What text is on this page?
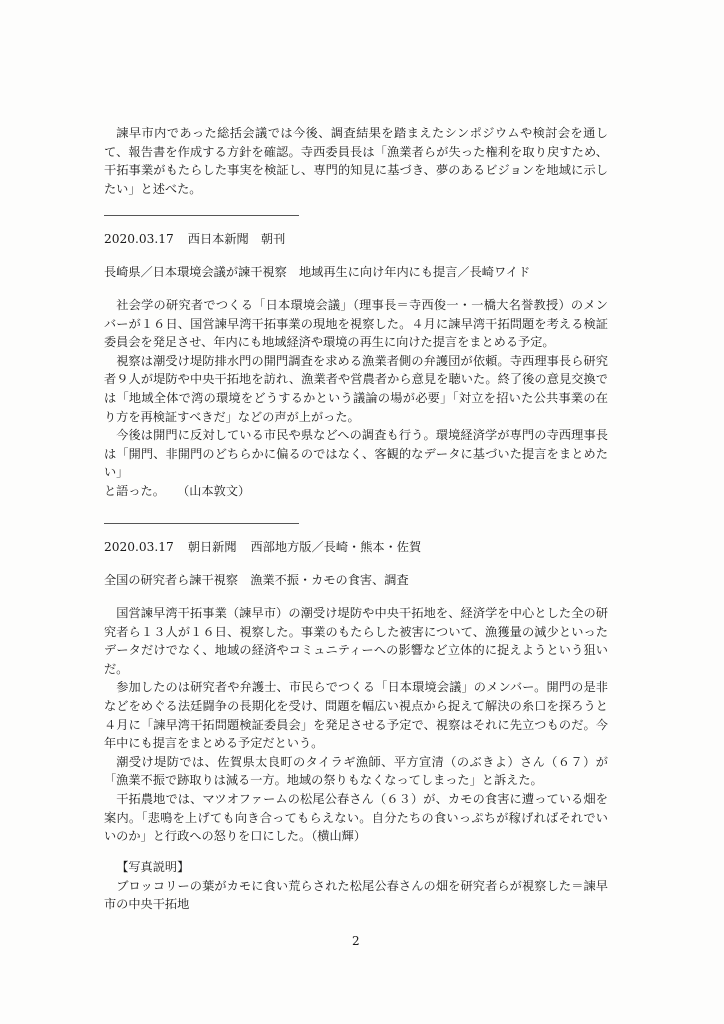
諫早市内であった総括会議では今後、調査結果を踏まえたシンポジウムや検討会を通して、報告書を作成する方針を確認。寺西委員長は「漁業者らが失った権利を取り戻すため、干拓事業がもたらした事実を検証し、専門的知見に基づき、夢のあるビジョンを地域に示したい」と述べた。

2020.03.17 西日本新聞　朝刊
長崎県／日本環境会議が諫干視察　地域再生に向け年内にも提言／長崎ワイド

社会学の研究者でつくる「日本環境会議」（理事長＝寺西俊一・一橋大名誉教授）のメンバーが１６日、国営諫早湾干拓事業の現地を視察した。４月に諫早湾干拓問題を考える検証委員会を発足させ、年内にも地域経済や環境の再生に向けた提言をまとめる予定。

視察は潮受け堤防排水門の開門調査を求める漁業者側の弁護団が依頼。寺西理事長ら研究者９人が堤防や中央干拓地を訪れ、漁業者や営農者から意見を聴いた。終了後の意見交換では「地域全体で湾の環境をどうするかという議論の場が必要」「対立を招いた公共事業の在り方を再検証すべきだ」などの声が上がった。

今後は開門に反対している市民や県などへの調査も行う。環境経済学が専門の寺西理事長は「開門、非開門のどちらかに偏るのではなく、客観的なデータに基づいた提言をまとめたい」

と語った。　　（山本敦文）

2020.03.17 朝日新聞 西部地方版／長崎・熊本・佐賀
全国の研究者ら諫干視察　漁業不振・カモの食害、調査

国営諫早湾干拓事業（諫早市）の潮受け堤防や中央干拓地を、経済学を中心とした全の研究者ら１３人が１６日、視察した。事業のもたらした被害について、漁獲量の減少といったデータだけでなく、地域の経済やコミュニティーへの影響など立体的に捉えようという狙いだ。

参加したのは研究者や弁護士、市民らでつくる「日本環境会議」のメンバー。開門の是非などをめぐる法廷闘争の長期化を受け、問題を幅広い視点から捉えて解決の糸口を探ろうと４月に「諫早湾干拓問題検証委員会」を発足させる予定で、視察はそれに先立つものだ。今年中にも提言をまとめる予定だという。

潮受け堤防では、佐賀県太良町のタイラギ漁師、平方宣清（のぶきよ）さん（６７）が「漁業不振で跡取りは減る一方。地域の祭りもなくなってしまった」と訴えた。

干拓農地では、マツオファームの松尾公春さん（６３）が、カモの食害に遭っている畑を案内。「悲鳴を上げても向き合ってもらえない。自分たちの食いっぷちが稼げればそれでいいのか」と行政への怒りを口にした。（横山輝）

【写真説明】

ブロッコリーの葉がカモに食い荒らされた松尾公春さんの畑を研究者らが視察した＝諫早市の中央干拓地

2
